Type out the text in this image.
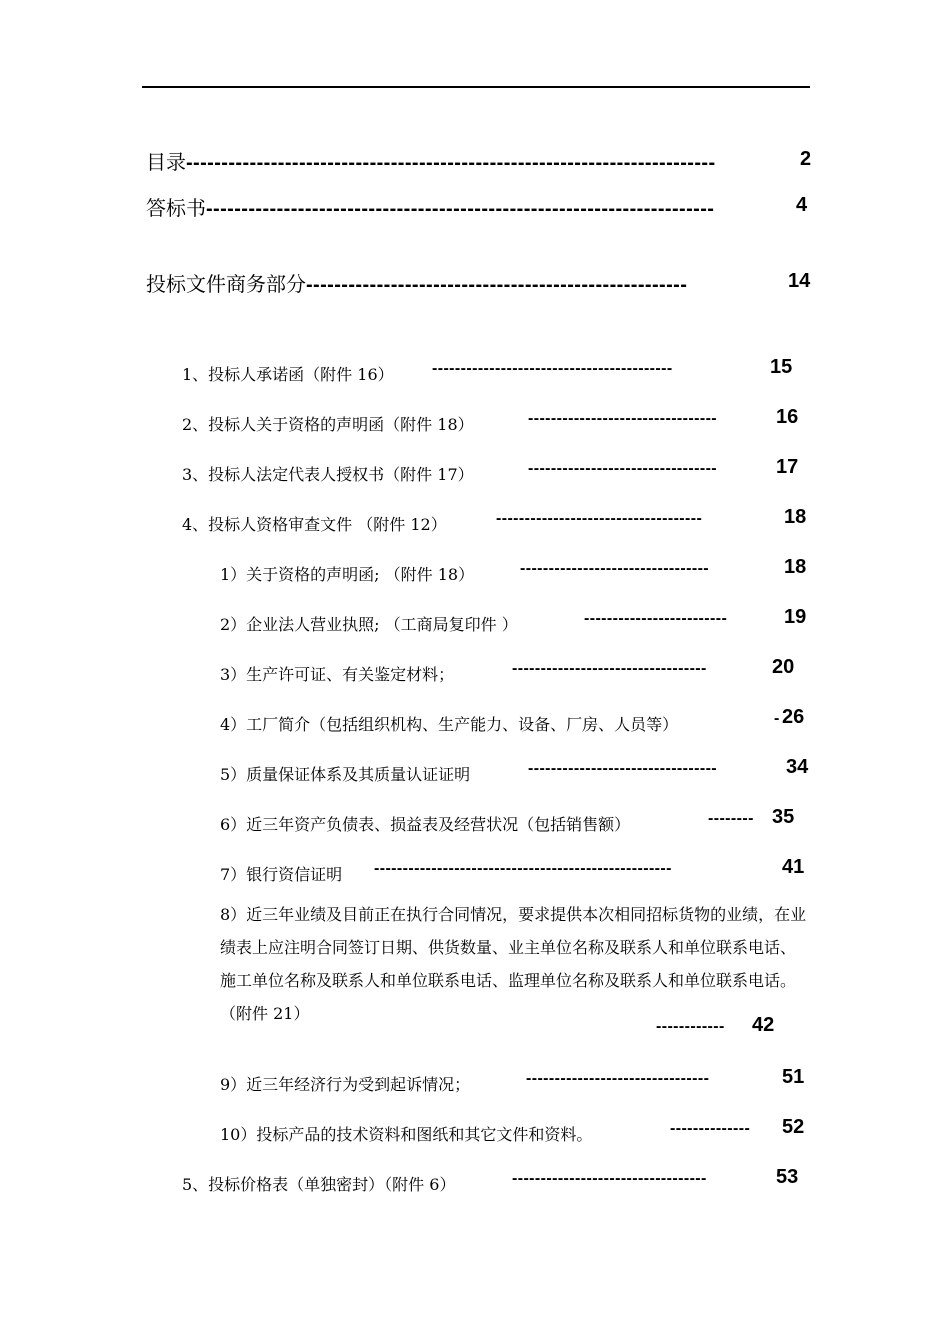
目录---------------------------------------------------------------------------	2
答标书------------------------------------------------------------------------	4
投标文件商务部分------------------------------------------------------	14
1、投标人承诺函（附件 16） ------------------------------------------	15
2、投标人关于资格的声明函（附件 18）	---------------------------------	16
3、投标人法定代表人授权书（附件 17）	---------------------------------	17
4、投标人资格审查文件 （附件 12）	------------------------------------	18
1）关于资格的声明函; （附件 18）	---------------------------------	18
2）企业法人营业执照; （工商局复印件 ）	-------------------------	19
3）生产许可证、有关鉴定材料；	----------------------------------	20
4）工厂简介（包括组织机构、生产能力、设备、厂房、人员等）	- 26
5）质量保证体系及其质量认证证明	---------------------------------	34
6）近三年资产负债表、损益表及经营状况（包括销售额）	-------- 35
7）银行资信证明 ----------------------------------------------------	41
8）近三年业绩及目前正在执行合同情况，要求提供本次相同招标货物的业绩，在业绩表上应注明合同签订日期、供货数量、业主单位名称及联系人和单位联系电话、施工单位名称及联系人和单位联系电话、监理单位名称及联系人和单位联系电话。（附件 21）
------------ 42
9）近三年经济行为受到起诉情况；	--------------------------------	51
10）投标产品的技术资料和图纸和其它文件和资料。	-------------- 52
5、投标价格表（单独密封）（附件 6）	----------------------------------	53
